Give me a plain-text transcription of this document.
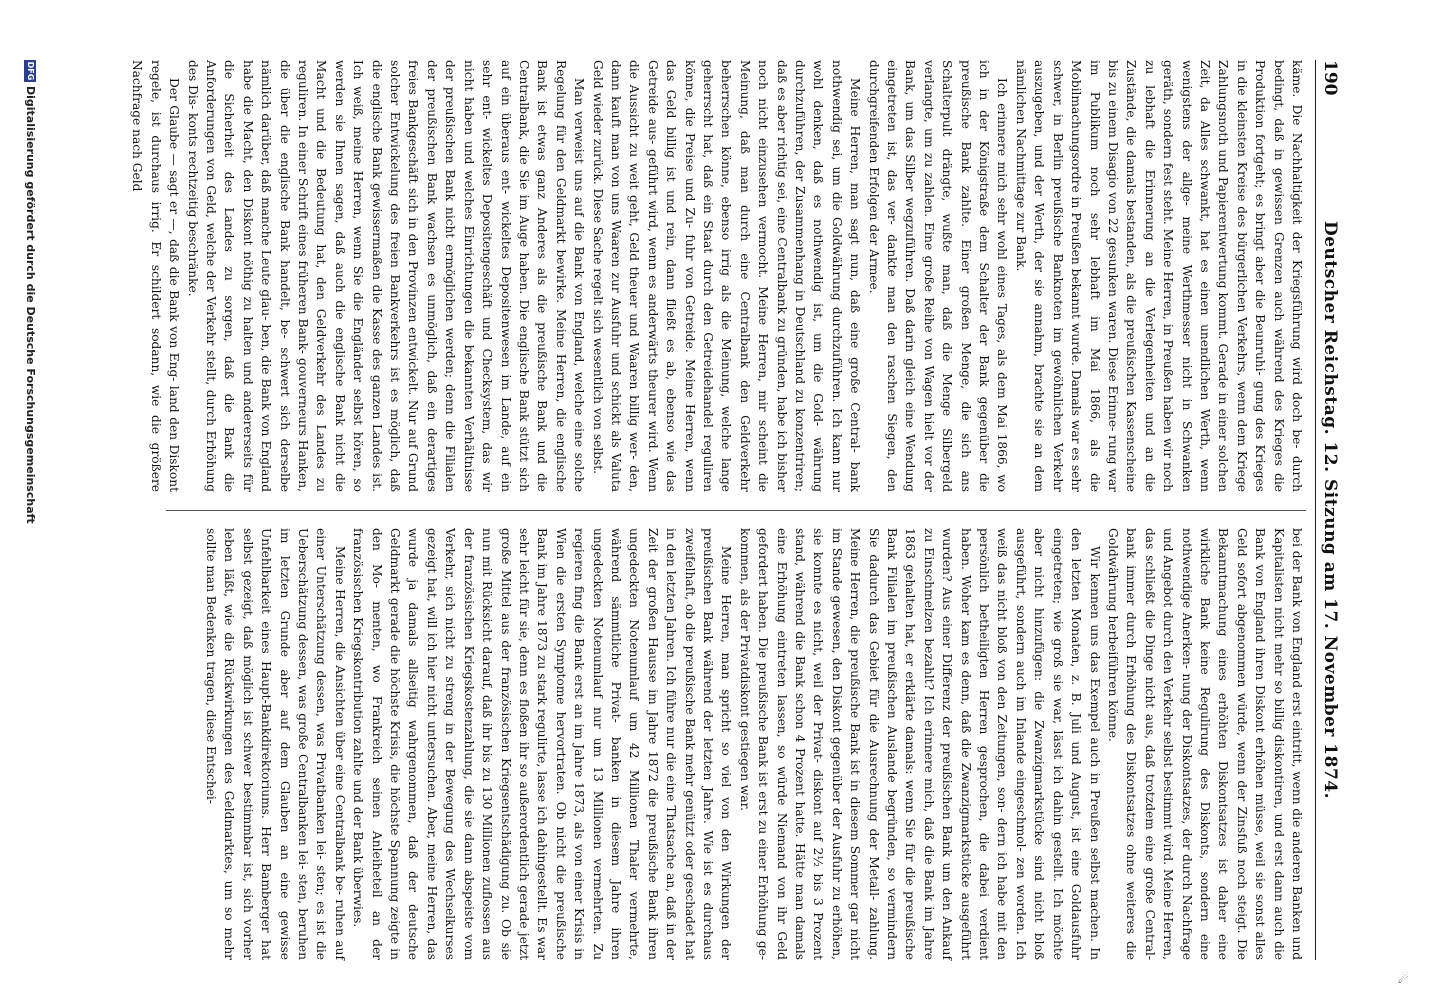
190
Deutscher Reichstag. 12. Sitzung am 17. November 1874.

käme. Die Nachhaltigkeit der Kriegsführung wird doch be- durch bedingt, daß in gewissen Grenzen auch während des Krieges die Produktion fortgeht; es bringt aber die Beunruhi- gung des Krieges in die kleinsten Kreise des bürgerlichen Verkehrs, wenn dem Kriege Zahlungsnoth und Papierentwertung kommt. Gerade in einer solchen Zeit, da Alles schwankt, hat es einen unendlichen Werth, wenn wenigstens der allge- meine Werthmesser nicht in Schwanken geräth, sondern fest steht. Meine Herren, in Preußen haben wir noch zu lebhaft die Erinnerung an die Verlegenheiten und an die Zustände, die damals bestanden, als die preußischen Kassenscheine bis zu einem Disagio von 22 gesunken waren. Diese Erinne- rung war im Publikum noch sehr lebhaft im Mai 1866, als die Mobilmachungsordre in Preußen bekannt wurde. Damals war es sehr schwer, in Berlin preußische Banknoten im gewöhnlichen Verkehr auszugeben, und der Werth, der sie annahm, brachte sie an dem nämlichen Nachmittage zur Bank.

Ich erinnere mich sehr wohl eines Tages, als dem Mai 1866, wo ich in der Königstraße dem Schalter der Bank gegenüber die preußische Bank zahlte. Einer großen Menge, die sich ans Schalterpult drängte, wußte man, daß die Menge Silbergeld verlangte, um zu zahlen. Eine große Reihe von Wagen hielt vor der Bank, um das Silber wegzuführen. Daß darin gleich eine Wendung eingetreten ist, das ver- dankte man den raschen Siegen, den durchgreifenden Erfolgen der Armee.

Meine Herren, man sagt nun, daß eine große Central- bank nothwendig sei, um die Goldwährung durchzuführen. Ich kann nur wohl denken, daß es nothwendig ist, um die Gold- währung durchzuführen, der Zusammenhang in Deutschland zu konzentriren; daß es aber richtig sei, eine Centralbank zu gründen, habe ich bisher noch nicht einzusehen vermocht. Meine Herren, mir scheint die Meinung, daß man durch eine Centralbank den Geldverkehr beherrschen könne, ebenso irrig als die Meinung, welche lange geherrscht hat, daß ein Staat durch den Getreidehandel reguliren könne, die Preise und Zu- fuhr von Getreide. Meine Herren, wenn das Geld billig ist und rein, dann fließt es ab, ebenso wie das Getreide aus- geführt wird, wenn es anderwärts theurer wird. Wenn die Aussicht zu weit geht, Geld theuer und Waaren billig wer- den, dann kauft man von uns Waaren zur Ausfuhr und schickt als Valuta Geld wieder zurück. Diese Sache regelt sich wesentlich von selbst.

Man verweist uns auf die Bank von England, welche eine solche Regelung für den Geldmarkt bewirke. Meine Herren, die englische Bank ist etwas ganz Anderes als die preußische Bank und die Centralbank, die Sie im Auge haben. Die englische Bank stützt sich auf ein überaus ent- wickeltes Depositenwesen im Lande, auf ein sehr ent- wickeltes Depositengeschäft und Checksystem, das wir nicht haben und welches Einrichtungen die bekannten Verhältnisse der preußischen Bank nicht ermöglichen werden; denn die Filialen der preußischen Bank wachsen es unmöglich, daß ein derartiges freies Bankgeschäft sich in den Provinzen entwickelt. Nur auf Grund solcher Entwickelung des freien Bankverkehrs ist es möglich, daß die englische Bank gewissermaßen die Kasse des ganzen Landes ist. Ich weiß, meine Herren, wenn Sie die Engländer selbst hören, so werden sie Ihnen sagen, daß auch die englische Bank nicht die Macht und die Bedeutung hat, den Geldverkehr des Landes zu reguliren. In einer Schrift eines früheren Bank- gouverneurs Hanken, die über die englische Bank handelt, be- schwert sich derselbe nämlich darüber, daß manche Leute glau- ben, die Bank von England habe die Macht, den Diskont nöthig zu halten und andererseits für die Sicherheit des Landes zu sorgen, daß die Bank die Anforderungen von Geld, welche der Verkehr stellt, durch Erhöhung des Dis- konts rechtzeitig beschränke.

Der Glaube — sagt er —, daß die Bank von Eng- land den Diskont regele, ist durchaus irrig. Er schildert sodann, wie die größere Nachfrage nach Geld

bei der Bank von England erst eintritt, wenn die anderen Banken und Kapitalisten nicht mehr so billig diskontiren, und erst dann auch die Bank von England ihren Diskont erhöhen müsse, weil sie sonst alles Geld sofort abgenommen würde, wenn der Zinsfuß noch steigt. Die Bekanntmachung eines erhöhten Diskontsatzes ist daher eine wirkliche Bank keine Regulirung des Diskonts, sondern eine nothwendige Anerken- nung der Diskontsatzes, der durch Nachfrage und Angebot durch den Verkehr selbst bestimmt wird. Meine Herren, das schließt die Dinge nicht aus, daß trotzdem eine große Central- bank immer durch Erhöhung des Diskontsatzes ohne weiteres die Goldwährung herbeiführen könne.

Wir kennen uns das Exempel auch in Preußen selbst machen. In den letzten Monaten, z. B. Juli und August, ist eine Goldausfuhr eingetreten; wie groß sie war, lässt ich dahin gestellt. Ich möchte aber nicht hinzufügen: die Zwanzigmarkstücke sind nicht bloß ausgeführt, sondern auch im Inlande eingeschmol- zen worden. Ich weiß das nicht bloß von den Zeitungen, son- dern ich habe mit den persönlich betheiligten Herren gesprochen, die dabei verdient haben. Woher kam es denn, daß die Zwanzigmarkstücke ausgeführt wurden? Aus einer Differenz der preußischen Bank um den Ankauf zu Einschmelzen bezahlt? Ich erinnere mich, daß die Bank im Jahre 1863 gehalten hat, er erklärte damals: wenn Sie für die preußische Bank Filialen im preußischen Auslande begründen, so vermindern Sie dadurch das Gebiet für die Ausrechnung der Metall- zahlung. Meine Herren, die preußische Bank ist in diesem Sommer gar nicht im Stande gewesen, den Diskont gegenüber der Ausfuhr zu erhöhen, sie konnte es nicht, weil der Privat- diskont auf 2½ bis 3 Prozent stand, während die Bank schon 4 Prozent hatte. Hätte man damals eine Erhöhung eintreten lassen, so würde Niemand von ihr Geld gefordert haben. Die preußische Bank ist erst zu einer Erhöhung ge- kommen, als der Privatdiskont gestiegen war.

Meine Herren, man spricht so viel von den Wirkungen der preußischen Bank während der letzten Jahre. Wie ist es durchaus zweifelhaft, ob die preußische Bank mehr genützt oder geschadet hat in den letzten Jahren. Ich führe nur die eine Thatsache an, daß in der Zeit der großen Hausse im Jahre 1872 die preußische Bank ihren ungedeckten Notenumlauf um 42 Millionen Thaler vermehrte, während sämmtliche Privat- banken in diesem Jahre ihren ungedeckten Notenumlauf nur um 13 Millionen vermehrten. Zu regieren fing die Bank erst an im Jahre 1873, als von einer Krisis in Wien die ersten Symptome hervortraten. Ob nicht die preußische Bank im Jahre 1873 zu stark regulirte, lasse ich dahingestellt. Es war sehr leicht für sie, denn es floßen ihr so außerordentlich gerade jetzt große Mittel aus der französischen Kriegsentschädigung zu. Ob sie nun mit Rücksicht darauf, daß ihr bis zu 130 Millionen zuflossen aus der französischen Kriegskostenzahlung, die sie dann abspeiste vom Verkehr, sich nicht zu streng in der Bewegung des Wechselkurses gezeigt hat, will ich hier nicht untersuchen. Aber, meine Herren, das wurde ja damals allseitig wahrgenommen, daß der deutsche Geldmarkt gerade die höchste Krisis, die höchste Spannung zeigte in den Mo- menten, wo Frankreich seinen Anleiheteil an der französischen Kriegskontribution zahlte und der Bank überwies.

Meine Herren, die Ansichten über eine Centralbank be- ruhen auf einer Unterschätzung dessen, was Privatbanken lei- sten; es ist die Ueberschätzung dessen, was große Centralbanken lei- sten, beruhen im letzten Grunde aber auf dem Glauben an eine gewisse Unfehlbarkeit eines Haupt-Bankdirektoriums. Herr Bamberger hat selbst gezeigt, daß möglich ist schwer bestimmbar ist, sich vorher leben läßt, wie die Rückwirkungen des Geldmarktes, um so mehr sollte man Bedenken tragen, diese Entschei-

DFGDigitalisierung gefördert durch die Deutsche Forschungsgemeinschaft
☄
